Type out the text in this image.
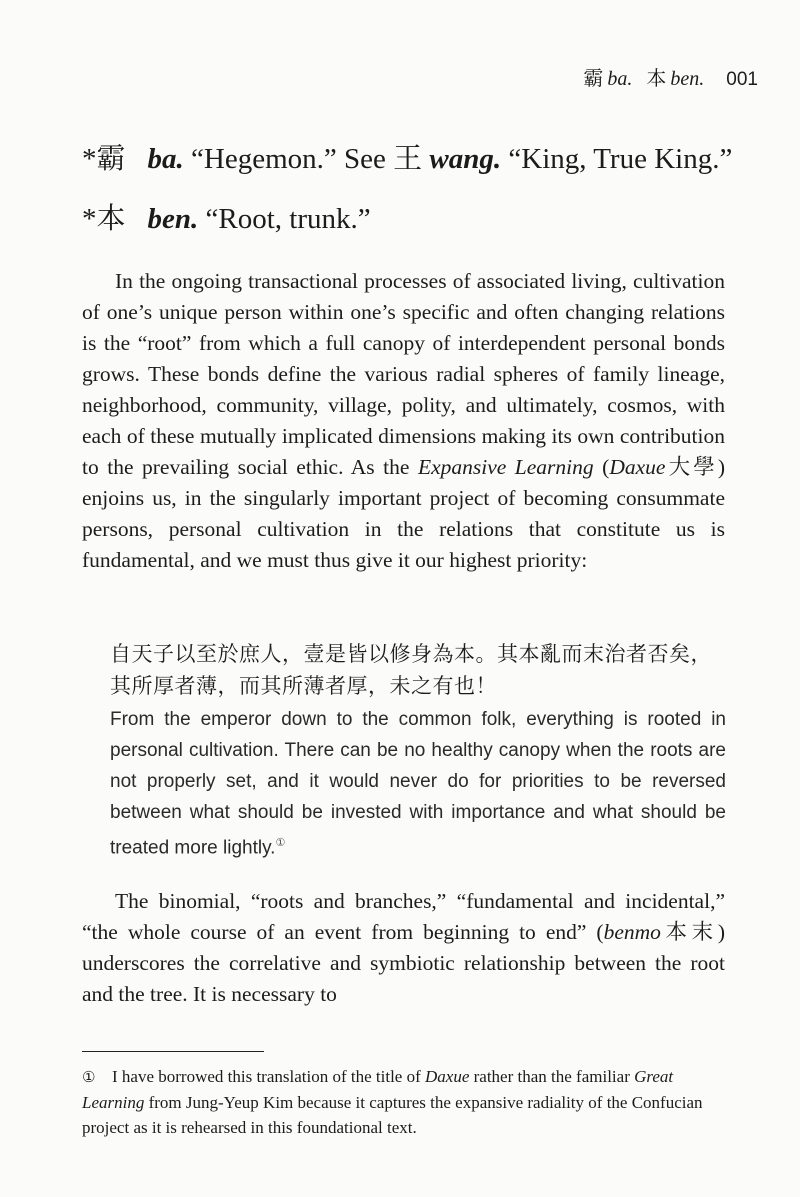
霸 ba. 本 ben. 001
*霸 ba. “Hegemon.” See 王 wang. “King, True King.”
*本 ben. “Root, trunk.”

In the ongoing transactional processes of associated living, cultivation of one’s unique person within one’s specific and often changing relations is the “root” from which a full canopy of interdependent personal bonds grows. These bonds define the various radial spheres of family lineage, neighborhood, community, village, polity, and ultimately, cosmos, with each of these mutually implicated dimensions making its own contribution to the prevailing social ethic. As the Expansive Learning (Daxue大學) enjoins us, in the singularly important project of becoming consummate persons, personal cultivation in the relations that constitute us is fundamental, and we must thus give it our highest priority:

自天子以至於庶人，壹是皆以修身為本。其本亂而末治者否矣，
其所厚者薄，而其所薄者厚，未之有也！

From the emperor down to the common folk, everything is rooted in personal cultivation. There can be no healthy canopy when the roots are not properly set, and it would never do for priorities to be reversed between what should be invested with importance and what should be treated more lightly.①

The binomial, “roots and branches,” “fundamental and incidental,” “the whole course of an event from beginning to end” (benmo本末) underscores the correlative and symbiotic relationship between the root and the tree. It is necessary to

① I have borrowed this translation of the title of Daxue rather than the familiar Great Learning from Jung-Yeup Kim because it captures the expansive radiality of the Confucian project as it is rehearsed in this foundational text.
